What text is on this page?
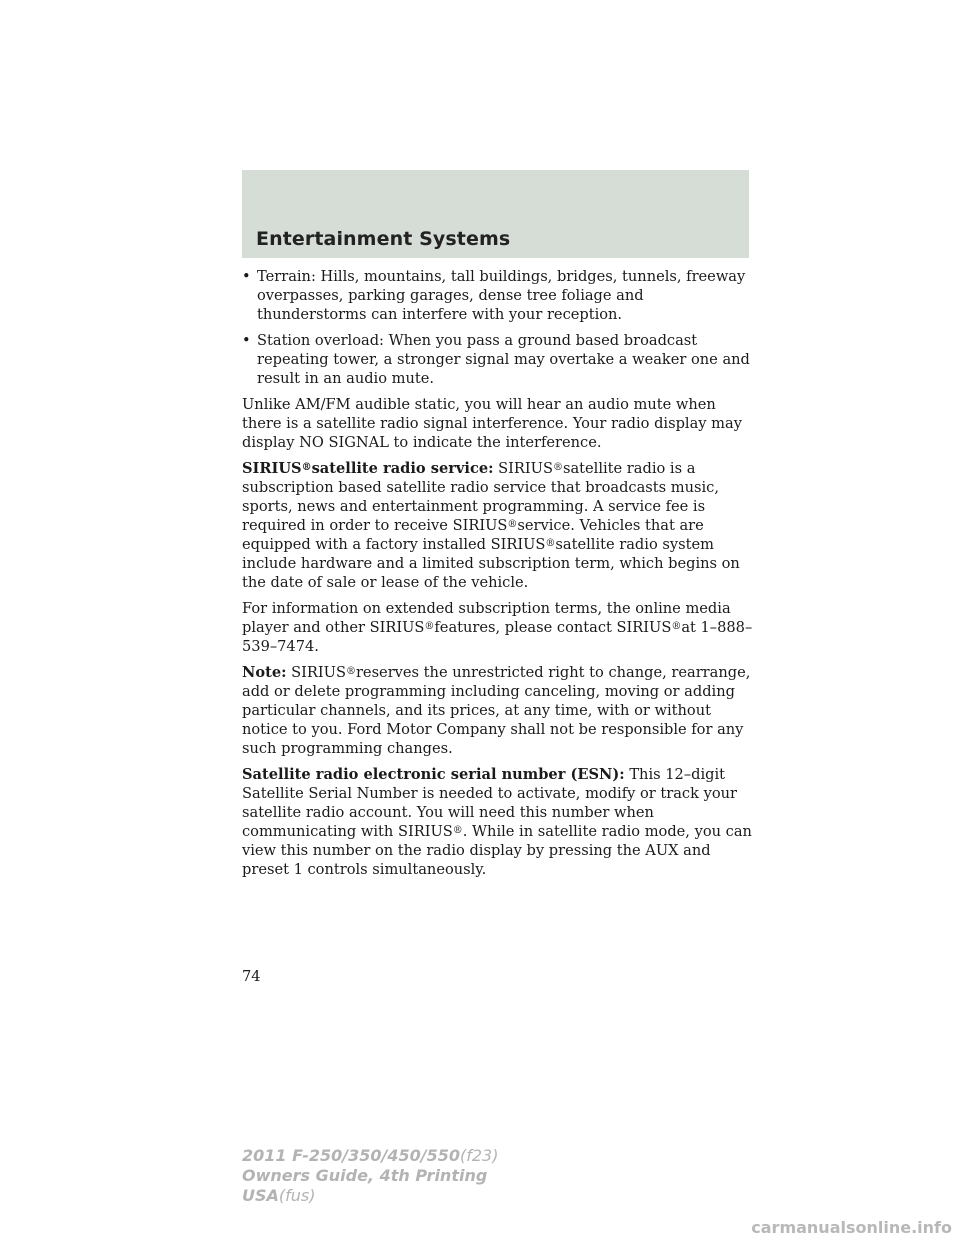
Entertainment Systems
• Terrain: Hills, mountains, tall buildings, bridges, tunnels, freeway overpasses, parking garages, dense tree foliage and thunderstorms can interfere with your reception.
• Station overload: When you pass a ground based broadcast repeating tower, a stronger signal may overtake a weaker one and result in an audio mute.

Unlike AM/FM audible static, you will hear an audio mute when there is a satellite radio signal interference. Your radio display may display NO SIGNAL to indicate the interference.

SIRIUS®satellite radio service: SIRIUS®satellite radio is a subscription based satellite radio service that broadcasts music, sports, news and entertainment programming. A service fee is required in order to receive SIRIUS®service. Vehicles that are equipped with a factory installed SIRIUS®satellite radio system include hardware and a limited subscription term, which begins on the date of sale or lease of the vehicle.

For information on extended subscription terms, the online media player and other SIRIUS®features, please contact SIRIUS®at 1–888–539–7474.

Note: SIRIUS®reserves the unrestricted right to change, rearrange, add or delete programming including canceling, moving or adding particular channels, and its prices, at any time, with or without notice to you. Ford Motor Company shall not be responsible for any such programming changes.

Satellite radio electronic serial number (ESN): This 12–digit Satellite Serial Number is needed to activate, modify or track your satellite radio account. You will need this number when communicating with SIRIUS®. While in satellite radio mode, you can view this number on the radio display by pressing the AUX and preset 1 controls simultaneously.

74
2011 F-250/350/450/550(f23)
Owners Guide, 4th Printing
USA(fus)
carmanualsonline.info
